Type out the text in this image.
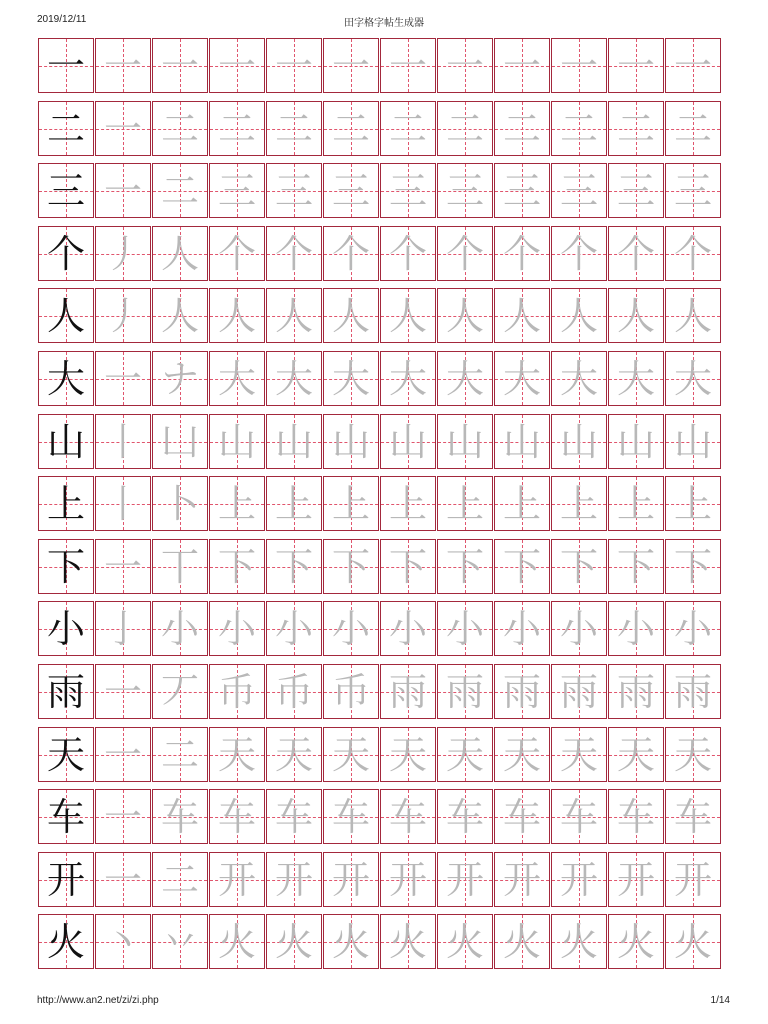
2019/12/11	田字格字帖生成器
一 一 一 一 一 一 一 一 一 一 一 一
二 一 二 二 二 二 二 二 二 二 二 二
三 一 二 三 三 三 三 三 三 三 三 三
个 丿 人 个 个 个 个 个 个 个 个 个
人 丿 人 人 人 人 人 人 人 人 人 人
大 一 ナ 大 大 大 大 大 大 大 大 大
山 丨 凵 山 山 山 山 山 山 山 山 山
上 丨 卜 上 上 上 上 上 上 上 上 上
下 一 丅 下 下 下 下 下 下 下 下 下
小 亅 小 小 小 小 小 小 小 小 小 小
雨 一 丆 币 币 币 雨 雨 雨 雨 雨 雨
天 一 二 天 天 天 天 天 天 天 天 天
车 一 车 车 车 车 车 车 车 车 车 车
开 一 二 开 开 开 开 开 开 开 开 开
火 丶 丷 火 火 火 火 火 火 火 火 火
http://www.an2.net/zi/zi.php	1/14
